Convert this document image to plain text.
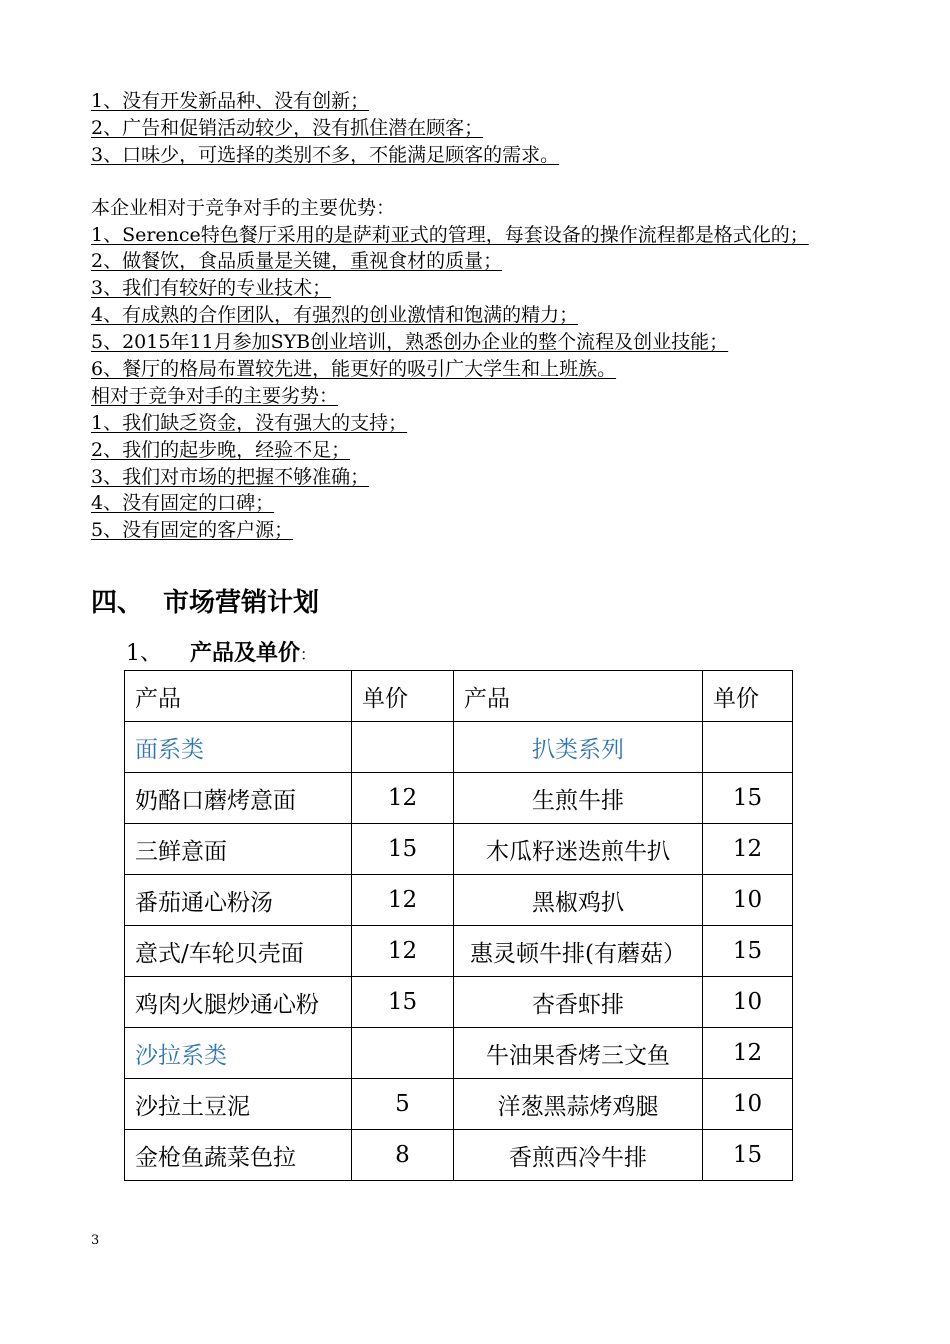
1、没有开发新品种、没有创新；
2、广告和促销活动较少，没有抓住潜在顾客；
3、口味少，可选择的类别不多，不能满足顾客的需求。
本企业相对于竞争对手的主要优势：
1、Serence特色餐厅采用的是萨莉亚式的管理，每套设备的操作流程都是格式化的；
2、做餐饮，食品质量是关键，重视食材的质量；
3、我们有较好的专业技术；
4、有成熟的合作团队，有强烈的创业激情和饱满的精力；
5、2015年11月参加SYB创业培训，熟悉创办企业的整个流程及创业技能；
6、餐厅的格局布置较先进，能更好的吸引广大学生和上班族。
相对于竞争对手的主要劣势：
1、我们缺乏资金，没有强大的支持；
2、我们的起步晚，经验不足；
3、我们对市场的把握不够准确；
4、没有固定的口碑；
5、没有固定的客户源；
四、 市场营销计划
1、 产品及单价：
产品	单价	产品	单价
面系类		扒类系列	
奶酪口蘑烤意面	12	生煎牛排	15
三鲜意面	15	木瓜籽迷迭煎牛扒	12
番茄通心粉汤	12	黑椒鸡扒	10
意式/车轮贝壳面	12	惠灵顿牛排(有蘑菇）	15
鸡肉火腿炒通心粉	15	杏香虾排	10
沙拉系类		牛油果香烤三文鱼	12
沙拉土豆泥	5	洋葱黑蒜烤鸡腿	10
金枪鱼蔬菜色拉	8	香煎西冷牛排	15
3
